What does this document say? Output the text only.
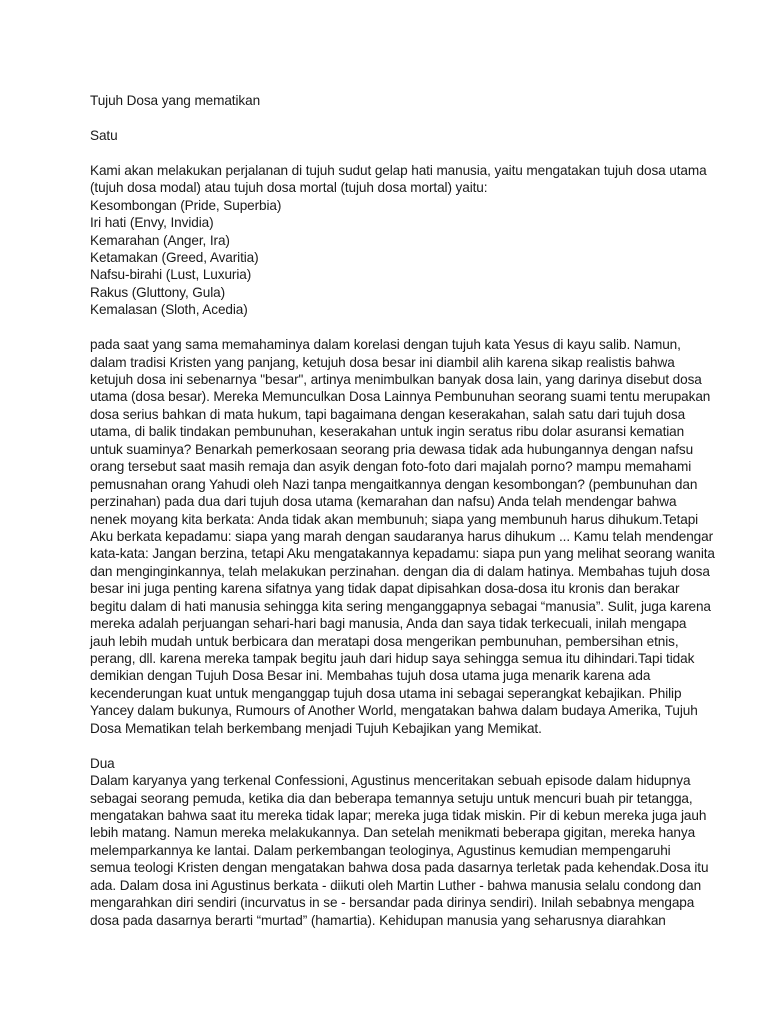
Tujuh Dosa yang mematikan
Satu
Kami akan melakukan perjalanan di tujuh sudut gelap hati manusia, yaitu mengatakan tujuh dosa utama
(tujuh dosa modal) atau tujuh dosa mortal (tujuh dosa mortal) yaitu:
Kesombongan (Pride, Superbia)
Iri hati (Envy, Invidia)
Kemarahan (Anger, Ira)
Ketamakan (Greed, Avaritia)
Nafsu-birahi (Lust, Luxuria)
Rakus (Gluttony, Gula)
Kemalasan (Sloth, Acedia)
pada saat yang sama memahaminya dalam korelasi dengan tujuh kata Yesus di kayu salib. Namun,
dalam tradisi Kristen yang panjang, ketujuh dosa besar ini diambil alih karena sikap realistis bahwa
ketujuh dosa ini sebenarnya "besar", artinya menimbulkan banyak dosa lain, yang darinya disebut dosa
utama (dosa besar). Mereka Memunculkan Dosa Lainnya Pembunuhan seorang suami tentu merupakan
dosa serius bahkan di mata hukum, tapi bagaimana dengan keserakahan, salah satu dari tujuh dosa
utama, di balik tindakan pembunuhan, keserakahan untuk ingin seratus ribu dolar asuransi kematian
untuk suaminya? Benarkah pemerkosaan seorang pria dewasa tidak ada hubungannya dengan nafsu
orang tersebut saat masih remaja dan asyik dengan foto-foto dari majalah porno? mampu memahami
pemusnahan orang Yahudi oleh Nazi tanpa mengaitkannya dengan kesombongan? (pembunuhan dan
perzinahan) pada dua dari tujuh dosa utama (kemarahan dan nafsu) Anda telah mendengar bahwa
nenek moyang kita berkata: Anda tidak akan membunuh; siapa yang membunuh harus dihukum.Tetapi
Aku berkata kepadamu: siapa yang marah dengan saudaranya harus dihukum ... Kamu telah mendengar
kata-kata: Jangan berzina, tetapi Aku mengatakannya kepadamu: siapa pun yang melihat seorang wanita
dan menginginkannya, telah melakukan perzinahan. dengan dia di dalam hatinya. Membahas tujuh dosa
besar ini juga penting karena sifatnya yang tidak dapat dipisahkan dosa-dosa itu kronis dan berakar
begitu dalam di hati manusia sehingga kita sering menganggapnya sebagai “manusia”. Sulit, juga karena
mereka adalah perjuangan sehari-hari bagi manusia, Anda dan saya tidak terkecuali, inilah mengapa
jauh lebih mudah untuk berbicara dan meratapi dosa mengerikan pembunuhan, pembersihan etnis,
perang, dll. karena mereka tampak begitu jauh dari hidup saya sehingga semua itu dihindari.Tapi tidak
demikian dengan Tujuh Dosa Besar ini. Membahas tujuh dosa utama juga menarik karena ada
kecenderungan kuat untuk menganggap tujuh dosa utama ini sebagai seperangkat kebajikan. Philip
Yancey dalam bukunya, Rumours of Another World, mengatakan bahwa dalam budaya Amerika, Tujuh
Dosa Mematikan telah berkembang menjadi Tujuh Kebajikan yang Memikat.
Dua
Dalam karyanya yang terkenal Confessioni, Agustinus menceritakan sebuah episode dalam hidupnya
sebagai seorang pemuda, ketika dia dan beberapa temannya setuju untuk mencuri buah pir tetangga,
mengatakan bahwa saat itu mereka tidak lapar; mereka juga tidak miskin. Pir di kebun mereka juga jauh
lebih matang. Namun mereka melakukannya. Dan setelah menikmati beberapa gigitan, mereka hanya
melemparkannya ke lantai. Dalam perkembangan teologinya, Agustinus kemudian mempengaruhi
semua teologi Kristen dengan mengatakan bahwa dosa pada dasarnya terletak pada kehendak.Dosa itu
ada. Dalam dosa ini Agustinus berkata - diikuti oleh Martin Luther - bahwa manusia selalu condong dan
mengarahkan diri sendiri (incurvatus in se - bersandar pada dirinya sendiri). Inilah sebabnya mengapa
dosa pada dasarnya berarti “murtad” (hamartia). Kehidupan manusia yang seharusnya diarahkan
